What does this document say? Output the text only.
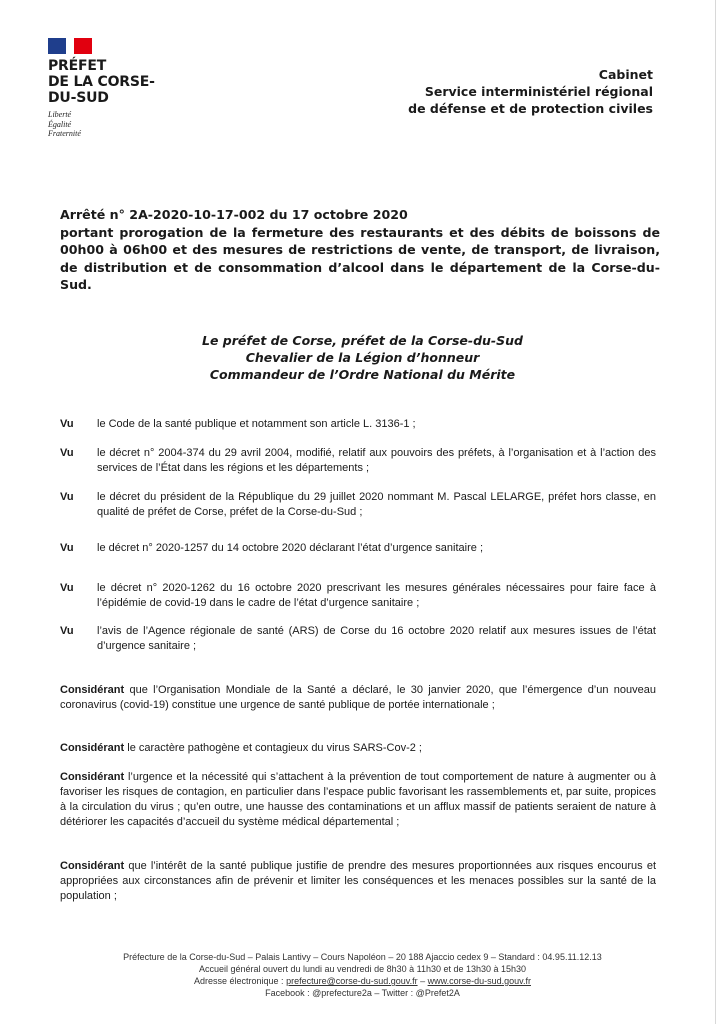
PRÉFET
DE LA CORSE-
DU-SUD
Liberté
Égalité
Fraternité
Cabinet
Service interministériel régional
de défense et de protection civiles
Arrêté n° 2A-2020-10-17-002 du 17 octobre 2020
portant prorogation de la fermeture des restaurants et des débits de boissons de 00h00 à 06h00 et des mesures de restrictions de vente, de transport, de livraison, de distribution et de consommation d’alcool dans le département de la Corse-du-Sud.
Le préfet de Corse, préfet de la Corse-du-Sud
Chevalier de la Légion d’honneur
Commandeur de l’Ordre National du Mérite
Vu	le Code de la santé publique et notamment son article L. 3136-1 ;
Vu	le décret n° 2004-374 du 29 avril 2004, modifié, relatif aux pouvoirs des préfets, à l’organisation et à l’action des services de l’État dans les régions et les départements ;
Vu	le décret du président de la République du 29 juillet 2020 nommant M. Pascal LELARGE, préfet hors classe, en qualité de préfet de Corse, préfet de la Corse-du-Sud ;
Vu	le décret n° 2020-1257 du 14 octobre 2020 déclarant l’état d’urgence sanitaire ;
Vu	le décret n° 2020-1262 du 16 octobre 2020 prescrivant les mesures générales nécessaires pour faire face à l’épidémie de covid-19 dans le cadre de l’état d’urgence sanitaire ;
Vu	l’avis de l’Agence régionale de santé (ARS) de Corse du 16 octobre 2020 relatif aux mesures issues de l’état d’urgence sanitaire ;
Considérant que l’Organisation Mondiale de la Santé a déclaré, le 30 janvier 2020, que l’émergence d’un nouveau coronavirus (covid-19) constitue une urgence de santé publique de portée internationale ;
Considérant le caractère pathogène et contagieux du virus SARS-Cov-2 ;
Considérant l’urgence et la nécessité qui s’attachent à la prévention de tout comportement de nature à augmenter ou à favoriser les risques de contagion, en particulier dans l’espace public favorisant les rassemblements et, par suite, propices à la circulation du virus ; qu’en outre, une hausse des contaminations et un afflux massif de patients seraient de nature à détériorer les capacités d’accueil du système médical départemental ;
Considérant que l’intérêt de la santé publique justifie de prendre des mesures proportionnées aux risques encourus et appropriées aux circonstances afin de prévenir et limiter les conséquences et les menaces possibles sur la santé de la population ;
Préfecture de la Corse-du-Sud – Palais Lantivy – Cours Napoléon – 20 188 Ajaccio cedex 9 – Standard : 04.95.11.12.13
Accueil général ouvert du lundi au vendredi de 8h30 à 11h30 et de 13h30 à 15h30
Adresse électronique : prefecture@corse-du-sud.gouv.fr – www.corse-du-sud.gouv.fr
Facebook : @prefecture2a – Twitter : @Prefet2A
